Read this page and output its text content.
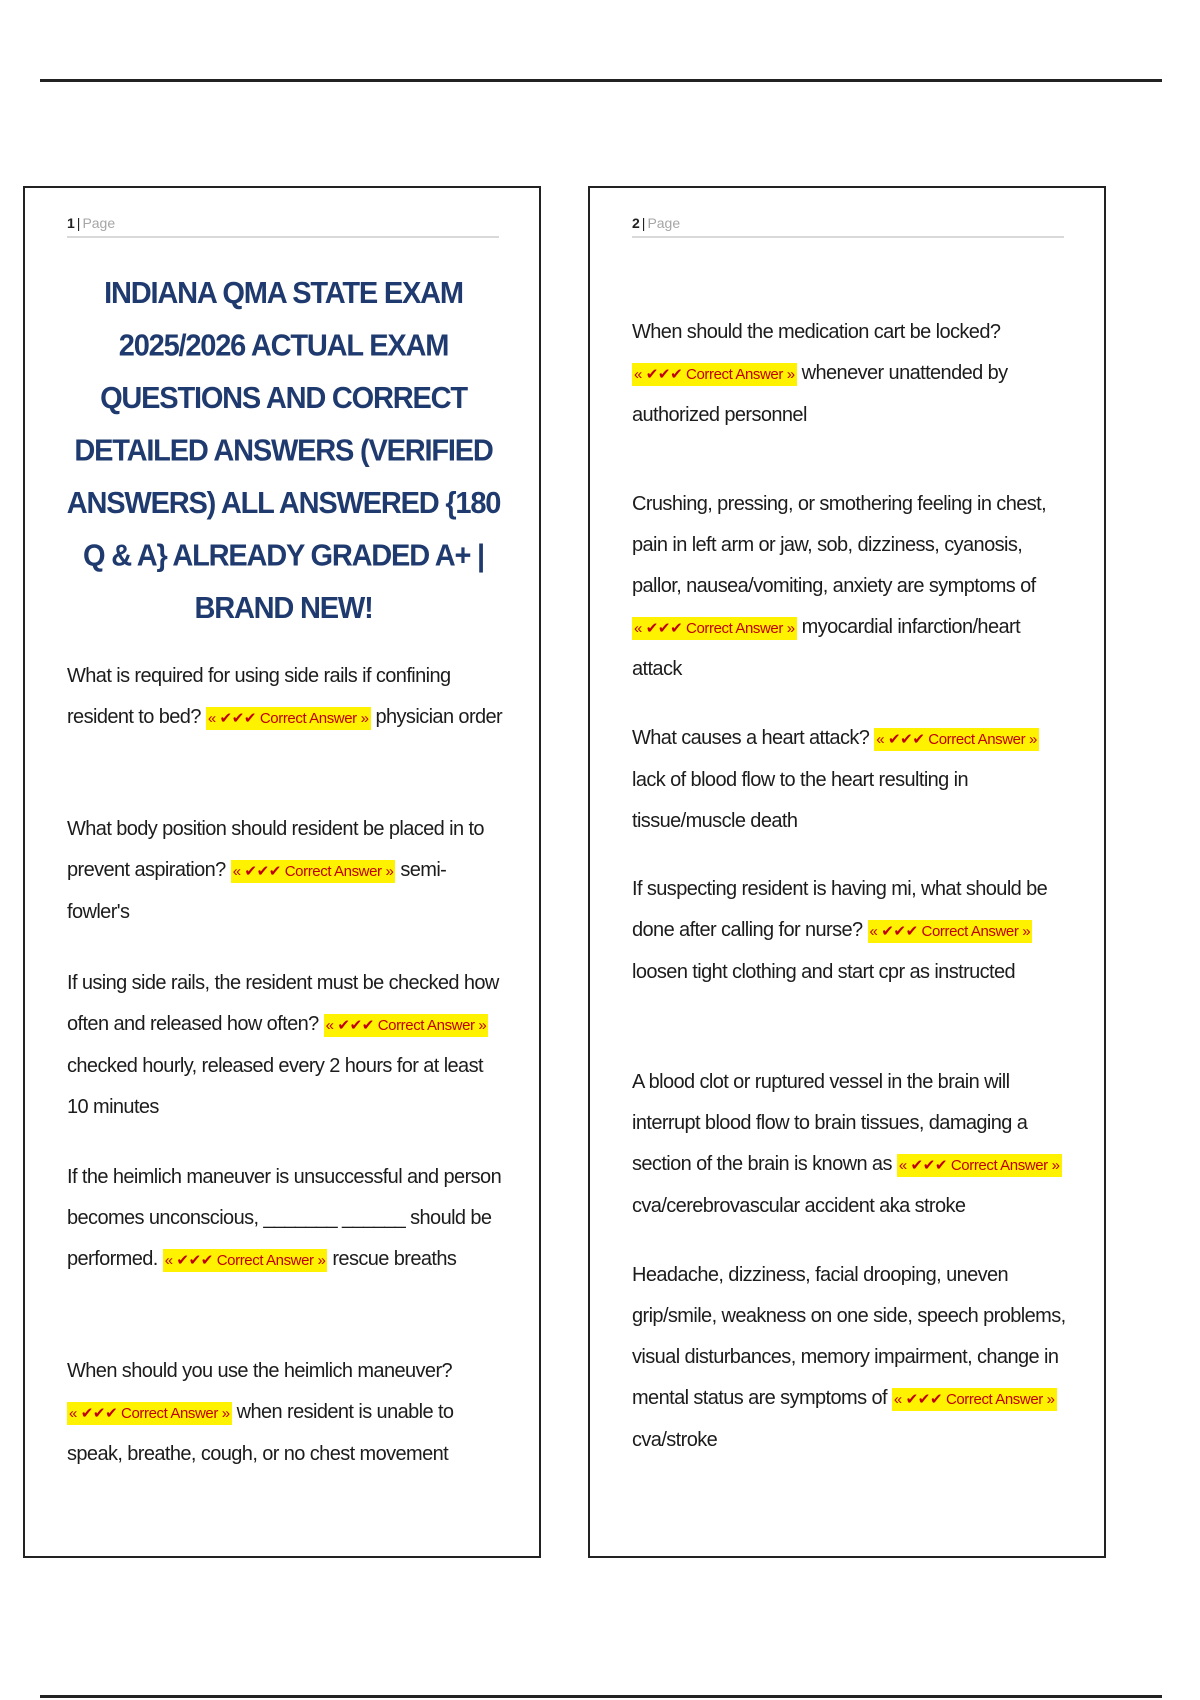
1 | Page
INDIANA QMA STATE EXAM 2025/2026 ACTUAL EXAM QUESTIONS AND CORRECT DETAILED ANSWERS (VERIFIED ANSWERS) ALL ANSWERED {180 Q & A} ALREADY GRADED A+ | BRAND NEW!
What is required for using side rails if confining resident to bed? « ✔✔✔ Correct Answer » physician order
What body position should resident be placed in to prevent aspiration? « ✔✔✔ Correct Answer » semi-fowler's
If using side rails, the resident must be checked how often and released how often? « ✔✔✔ Correct Answer » checked hourly, released every 2 hours for at least 10 minutes
If the heimlich maneuver is unsuccessful and person becomes unconscious, _______ ______ should be performed. « ✔✔✔ Correct Answer » rescue breaths
When should you use the heimlich maneuver? « ✔✔✔ Correct Answer » when resident is unable to speak, breathe, cough, or no chest movement
2 | Page
When should the medication cart be locked? « ✔✔✔ Correct Answer » whenever unattended by authorized personnel
Crushing, pressing, or smothering feeling in chest, pain in left arm or jaw, sob, dizziness, cyanosis, pallor, nausea/vomiting, anxiety are symptoms of « ✔✔✔ Correct Answer » myocardial infarction/heart attack
What causes a heart attack? « ✔✔✔ Correct Answer » lack of blood flow to the heart resulting in tissue/muscle death
If suspecting resident is having mi, what should be done after calling for nurse? « ✔✔✔ Correct Answer » loosen tight clothing and start cpr as instructed
A blood clot or ruptured vessel in the brain will interrupt blood flow to brain tissues, damaging a section of the brain is known as « ✔✔✔ Correct Answer » cva/cerebrovascular accident aka stroke
Headache, dizziness, facial drooping, uneven grip/smile, weakness on one side, speech problems, visual disturbances, memory impairment, change in mental status are symptoms of « ✔✔✔ Correct Answer » cva/stroke
